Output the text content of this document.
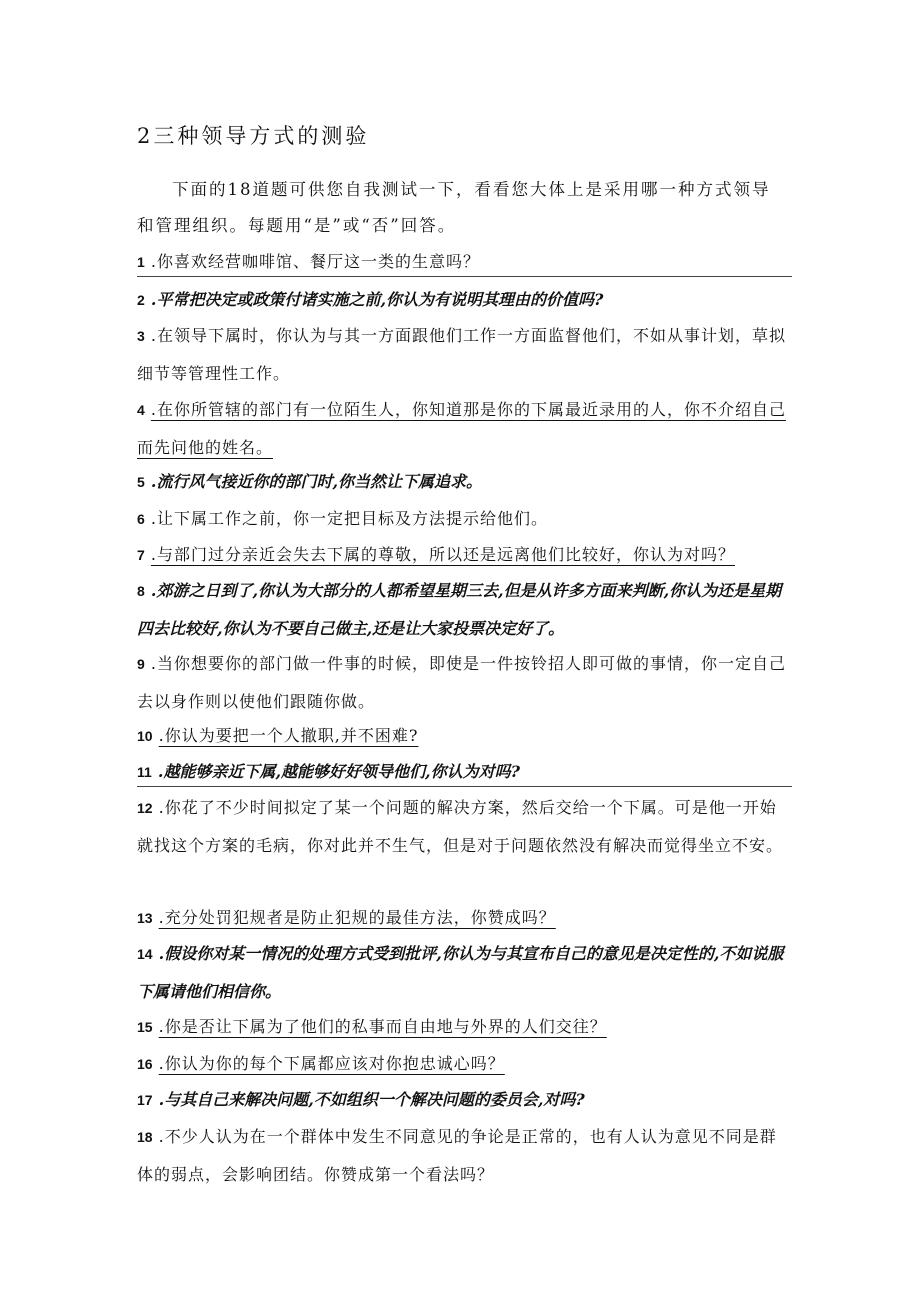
2三种领导方式的测验
下面的18道题可供您自我测试一下，看看您大体上是采用哪一种方式领导和管理组织。每题用“是”或“否”回答。
1 .你喜欢经营咖啡馆、餐厅这一类的生意吗？
2 .平常把决定或政策付诸实施之前,你认为有说明其理由的价值吗?
3 .在领导下属时，你认为与其一方面跟他们工作一方面监督他们，不如从事计划，草拟细节等管理性工作。
4 .在你所管辖的部门有一位陌生人，你知道那是你的下属最近录用的人，你不介绍自己而先问他的姓名。
5 .流行风气接近你的部门时,你当然让下属追求。
6 .让下属工作之前，你一定把目标及方法提示给他们。
7 .与部门过分亲近会失去下属的尊敬，所以还是远离他们比较好，你认为对吗？
8 .郊游之日到了,你认为大部分的人都希望星期三去,但是从许多方面来判断,你认为还是星期四去比较好,你认为不要自己做主,还是让大家投票决定好了。
9 .当你想要你的部门做一件事的时候，即使是一件按铃招人即可做的事情，你一定自己去以身作则以使他们跟随你做。
10 .你认为要把一个人撤职,并不困难?
11 .越能够亲近下属,越能够好好领导他们,你认为对吗?
12 .你花了不少时间拟定了某一个问题的解决方案，然后交给一个下属。可是他一开始就找这个方案的毛病，你对此并不生气，但是对于问题依然没有解决而觉得坐立不安。
13 .充分处罚犯规者是防止犯规的最佳方法，你赞成吗？
14 .假设你对某一情况的处理方式受到批评,你认为与其宣布自己的意见是决定性的,不如说服下属请他们相信你。
15 .你是否让下属为了他们的私事而自由地与外界的人们交往？
16 .你认为你的每个下属都应该对你抱忠诚心吗？
17 .与其自己来解决问题,不如组织一个解决问题的委员会,对吗?
18 .不少人认为在一个群体中发生不同意见的争论是正常的，也有人认为意见不同是群体的弱点，会影响团结。你赞成第一个看法吗？
